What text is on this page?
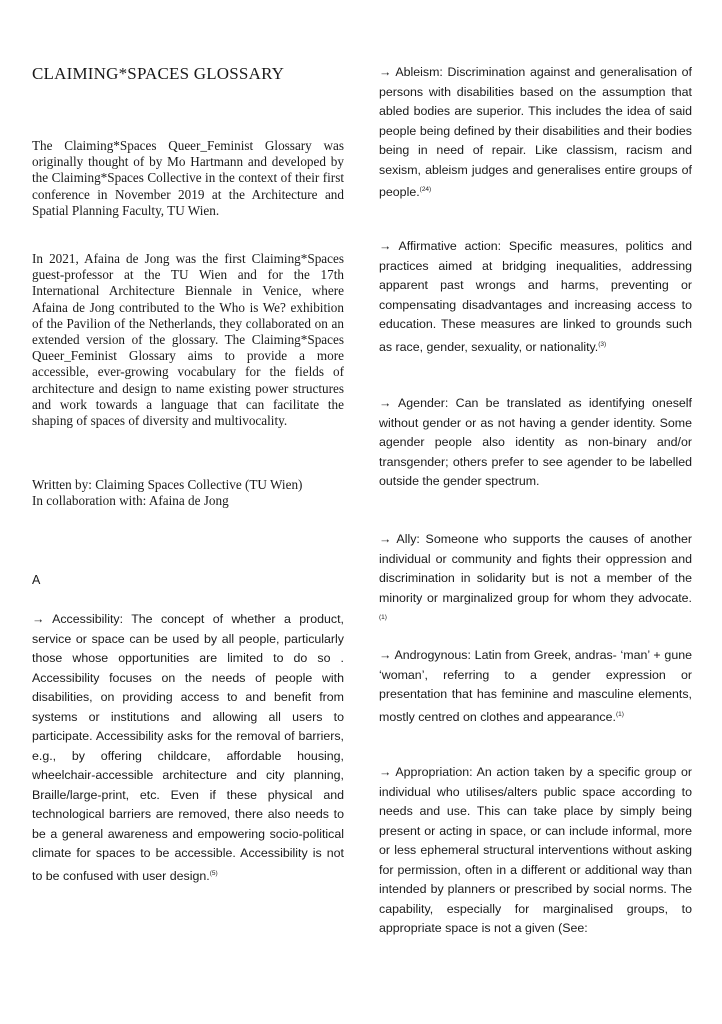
CLAIMING*SPACES GLOSSARY

The Claiming*Spaces Queer_Feminist Glossary was originally thought of by Mo Hartmann and developed by the Claiming*Spaces Collective in the context of their first conference in November 2019 at the Architecture and Spatial Planning Faculty, TU Wien.

In 2021, Afaina de Jong was the first Claiming*Spaces guest-professor at the TU Wien and for the 17th International Architecture Biennale in Venice, where Afaina de Jong contributed to the Who is We? exhibition of the Pavilion of the Netherlands, they collaborated on an extended version of the glossary. The Claiming*Spaces Queer_Feminist Glossary aims to provide a more accessible, ever-growing vocabulary for the fields of architecture and design to name existing power structures and work towards a language that can facilitate the shaping of spaces of diversity and multivocality.

Written by: Claiming Spaces Collective (TU Wien)

In collaboration with: Afaina de Jong

A

→ Accessibility: The concept of whether a product, service or space can be used by all people, particularly those whose opportunities are limited to do so . Accessibility focuses on the needs of people with disabilities, on providing access to and benefit from systems or institutions and allowing all users to participate. Accessibility asks for the removal of barriers, e.g., by offering childcare, affordable housing, wheelchair-accessible architecture and city planning, Braille/large-print, etc. Even if these physical and technological barriers are removed, there also needs to be a general awareness and empowering socio-political climate for spaces to be accessible. Accessibility is not to be confused with user design.$^{(5)}$

→ Ableism: Discrimination against and generalisation of persons with disabilities based on the assumption that abled bodies are superior. This includes the idea of said people being defined by their disabilities and their bodies being in need of repair. Like classism, racism and sexism, ableism judges and generalises entire groups of people.$^{(24)}$

→ Affirmative action: Specific measures, politics and practices aimed at bridging inequalities, addressing apparent past wrongs and harms, preventing or compensating disadvantages and increasing access to education. These measures are linked to grounds such as race, gender, sexuality, or nationality.$^{(3)}$

→ Agender: Can be translated as identifying oneself without gender or as not having a gender identity. Some agender people also identity as non-binary and/or transgender; others prefer to see agender to be labelled outside the gender spectrum.

→ Ally: Someone who supports the causes of another individual or community and fights their oppression and discrimination in solidarity but is not a member of the minority or marginalized group for whom they advocate.$^{(1)}$

→ Androgynous: Latin from Greek, andras- ‘man’ + gune ‘woman’, referring to a gender expression or presentation that has feminine and masculine elements, mostly centred on clothes and appearance.$^{(1)}$

→ Appropriation: An action taken by a specific group or individual who utilises/alters public space according to needs and use. This can take place by simply being present or acting in space, or can include informal, more or less ephemeral structural interventions without asking for permission, often in a different or additional way than intended by planners or prescribed by social norms. The capability, especially for marginalised groups, to appropriate space is not a given (See:
